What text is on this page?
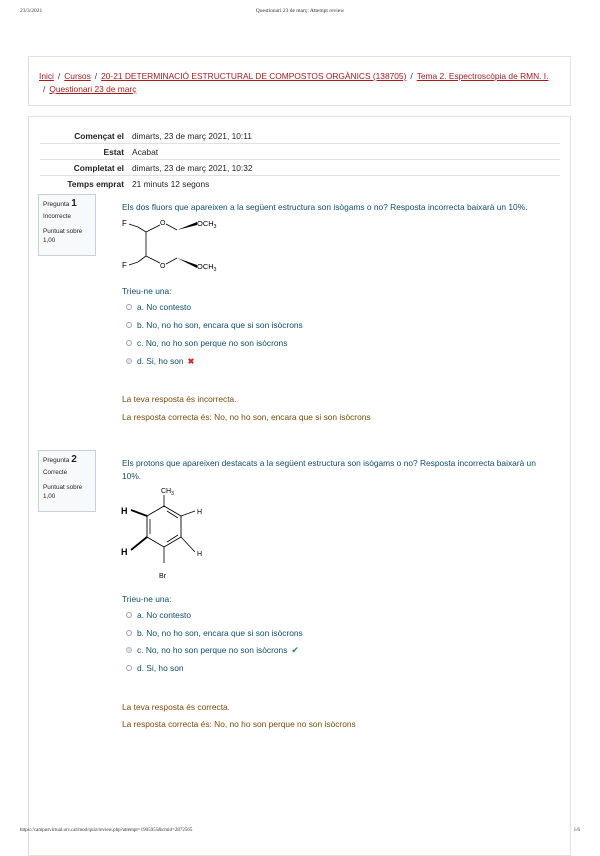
23/3/2021	Questionari 23 de març: Attempt review
Inici / Cursos / 20-21 DETERMINACIÓ ESTRUCTURAL DE COMPOSTOS ORGÀNICS (138705) / Tema 2. Espectroscòpia de RMN. I.
/ Questionari 23 de març
Començat el	dimarts, 23 de març 2021, 10:11
Estat	Acabat
Completat el	dimarts, 23 de març 2021, 10:32
Temps emprat	21 minuts 12 segons
Pregunta 1
Incorrecte
Puntuat sobre 1,00
Els dos fluors que apareixen a la següent estructura son isògams o no? Resposta incorrecta baixarà un 10%.
F
F
O
O
$OCH_3$
$OCH_3$
Trieu-ne una:
a. No contesto
b. No, no ho son, encara que si son isòcrons
c. No, no ho son perque no son isòcrons
d. Si, ho son ✖
La teva resposta és incorrecta.
La resposta correcta és: No, no ho son, encara que si son isòcrons
Pregunta 2
Correcte
Puntuat sobre 1,00
Els protons que apareixen destacats a la següent estructura son isògams o no? Resposta incorrecta baixarà un 10%.
$CH_3$
Br
H
H
H
H
Trieu-ne una:
a. No contesto
b. No, no ho son, encara que si son isòcrons
c. No, no ho son perque no son isòcrons ✔
d. Si, ho son
La teva resposta és correcta.
La resposta correcta és: No, no ho son perque no son isòcrons
https://campusvirtual.urv.cat/mod/quiz/review.php?attempt=1905955&cmid=2872565	1/6
